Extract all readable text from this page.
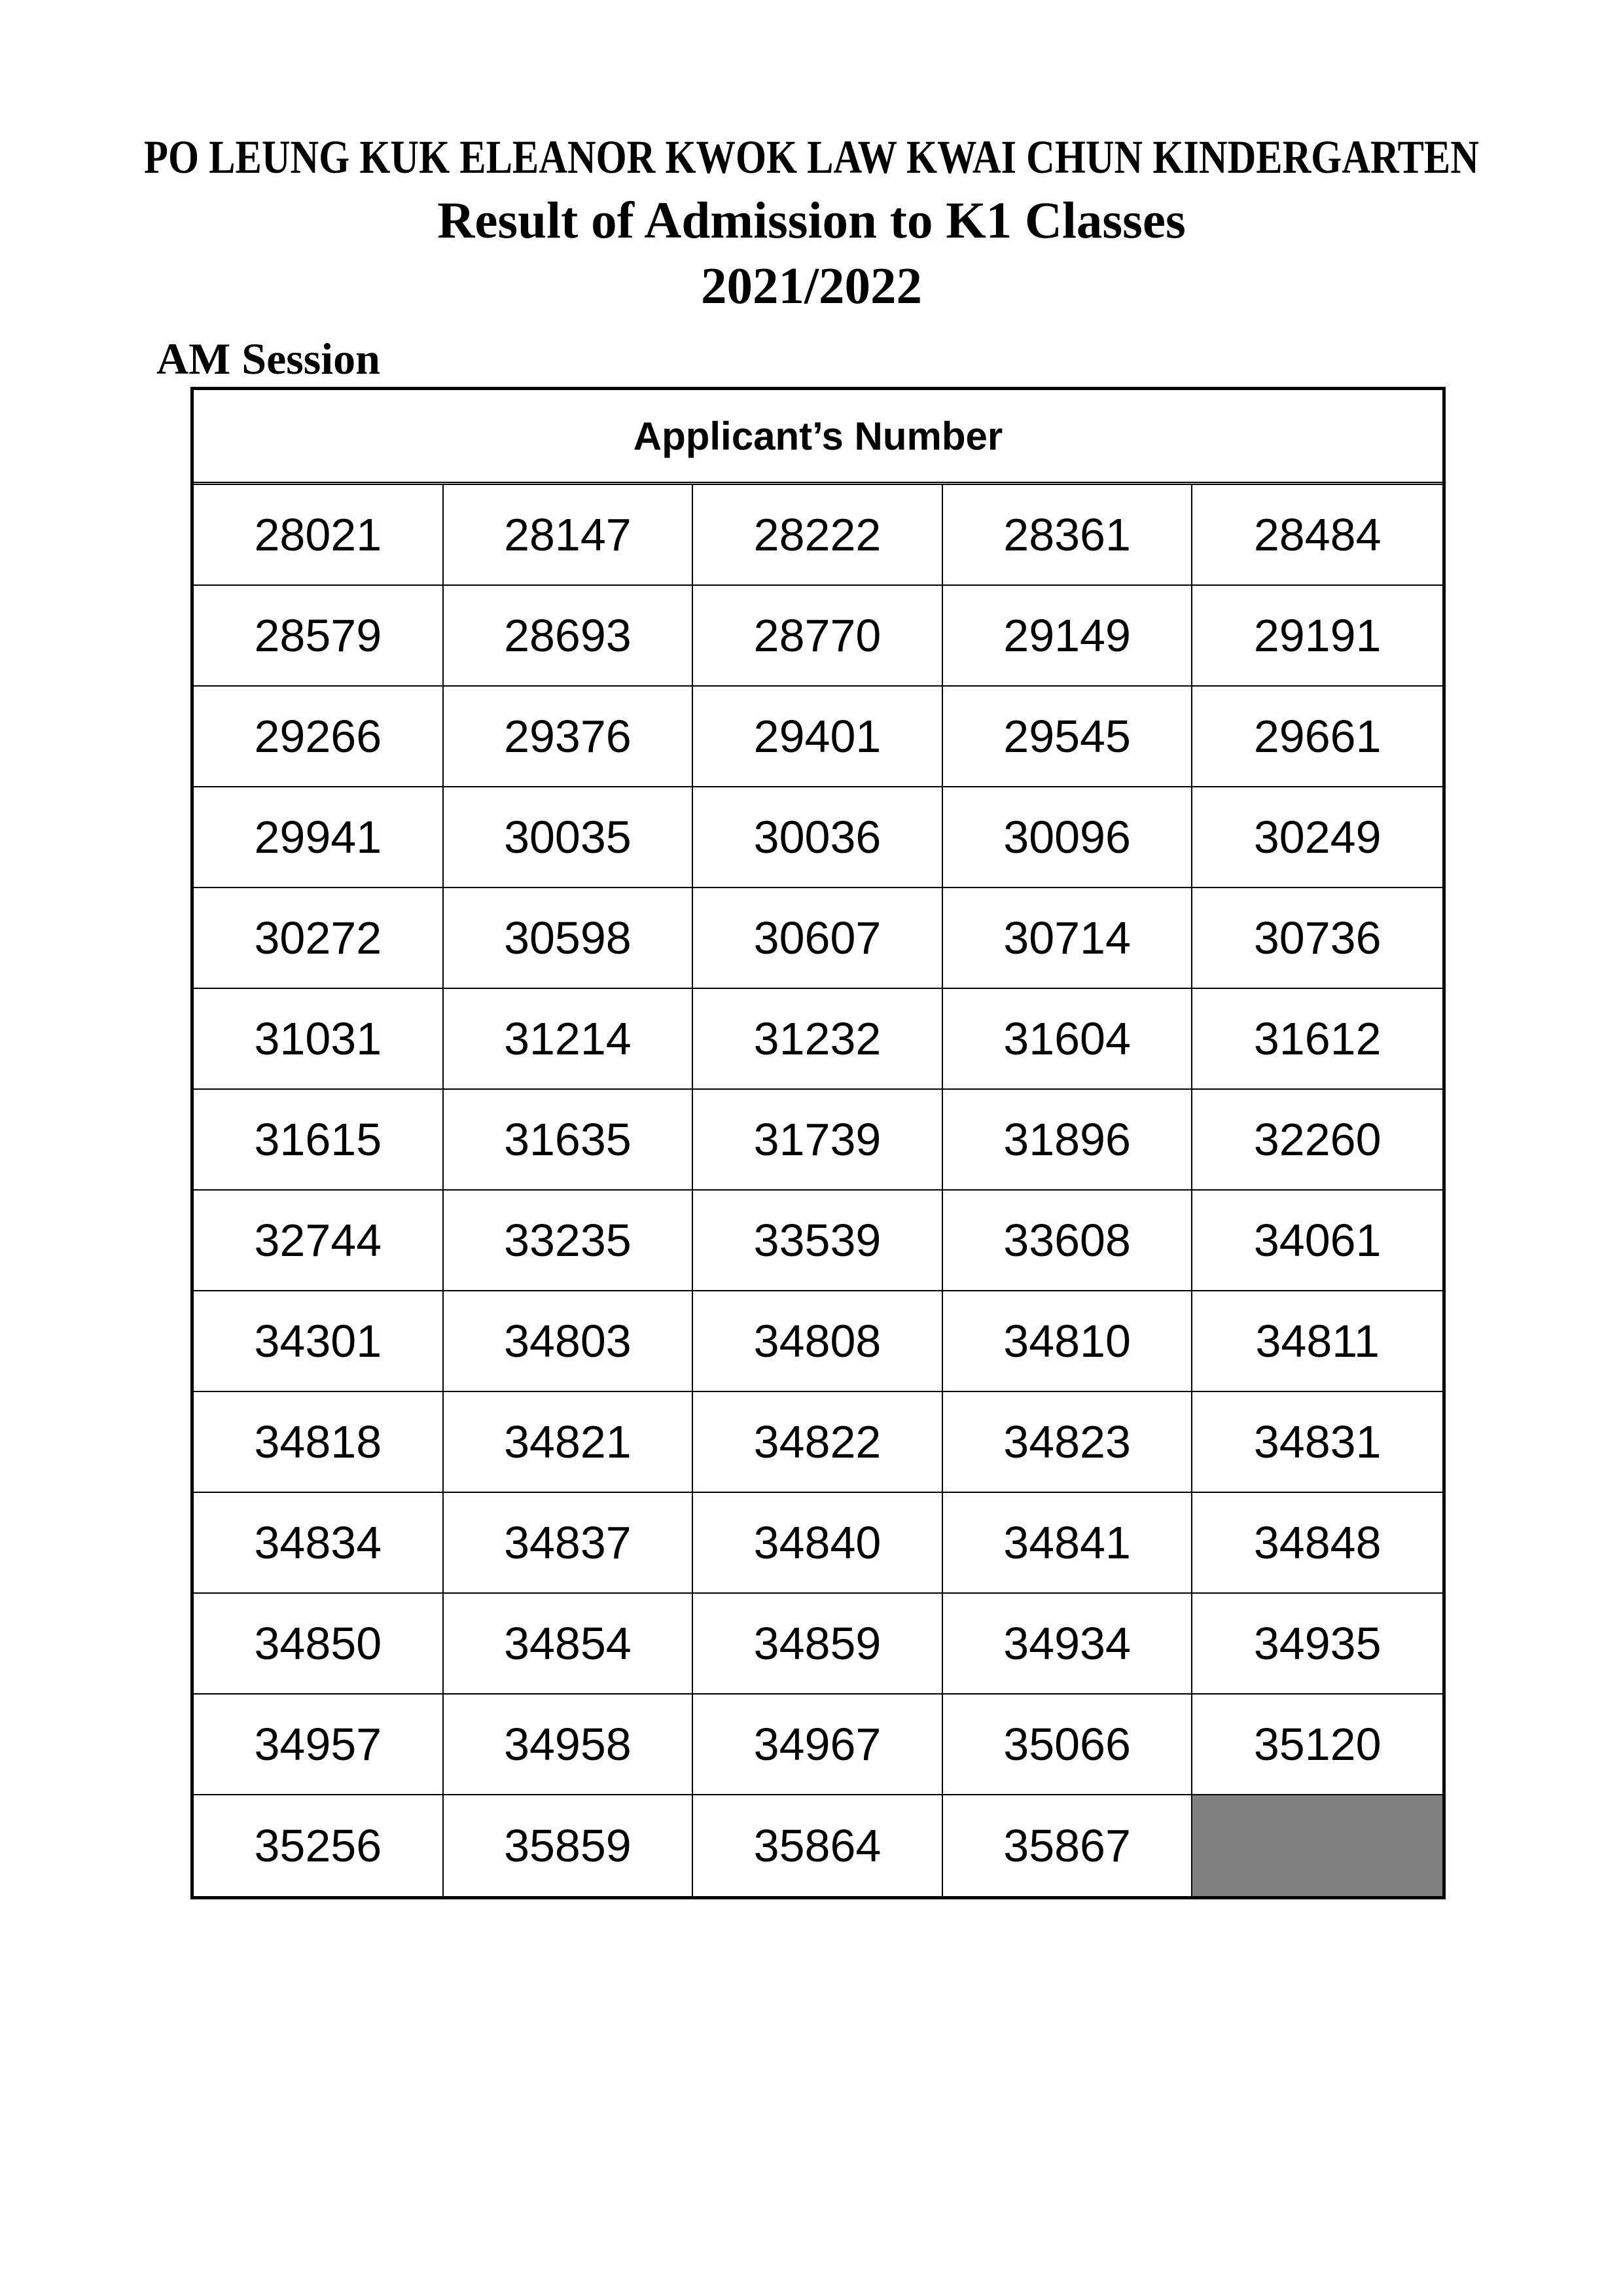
PO LEUNG KUK ELEANOR KWOK LAW KWAI CHUN KINDERGARTEN
Result of Admission to K1 Classes
2021/2022
AM Session
Applicant’s Number
28021	28147	28222	28361	28484
28579	28693	28770	29149	29191
29266	29376	29401	29545	29661
29941	30035	30036	30096	30249
30272	30598	30607	30714	30736
31031	31214	31232	31604	31612
31615	31635	31739	31896	32260
32744	33235	33539	33608	34061
34301	34803	34808	34810	34811
34818	34821	34822	34823	34831
34834	34837	34840	34841	34848
34850	34854	34859	34934	34935
34957	34958	34967	35066	35120
35256	35859	35864	35867
